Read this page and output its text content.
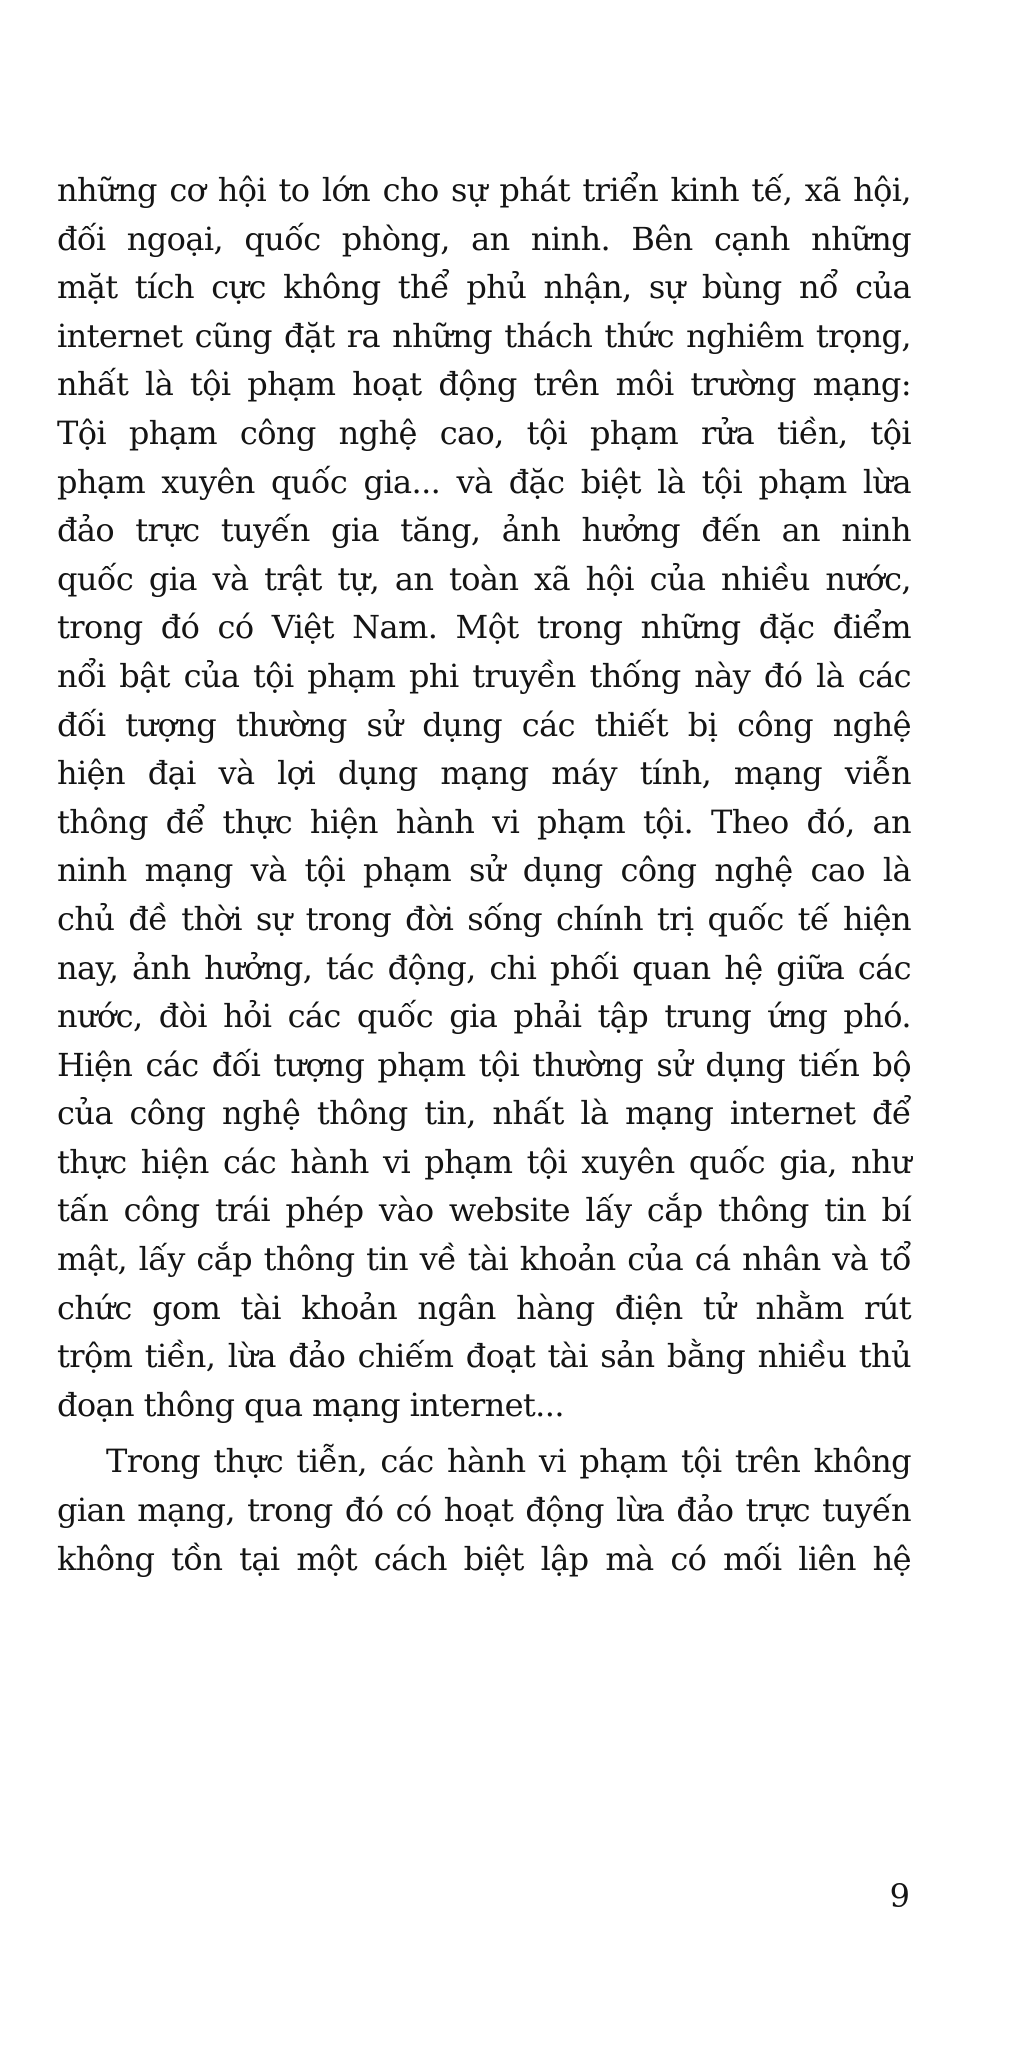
những cơ hội to lớn cho sự phát triển kinh tế, xã hội,
đối ngoại, quốc phòng, an ninh. Bên cạnh những
mặt tích cực không thể phủ nhận, sự bùng nổ của
internet cũng đặt ra những thách thức nghiêm trọng,
nhất là tội phạm hoạt động trên môi trường mạng:
Tội phạm công nghệ cao, tội phạm rửa tiền, tội
phạm xuyên quốc gia... và đặc biệt là tội phạm lừa
đảo trực tuyến gia tăng, ảnh hưởng đến an ninh
quốc gia và trật tự, an toàn xã hội của nhiều nước,
trong đó có Việt Nam. Một trong những đặc điểm
nổi bật của tội phạm phi truyền thống này đó là các
đối tượng thường sử dụng các thiết bị công nghệ
hiện đại và lợi dụng mạng máy tính, mạng viễn
thông để thực hiện hành vi phạm tội. Theo đó, an
ninh mạng và tội phạm sử dụng công nghệ cao là
chủ đề thời sự trong đời sống chính trị quốc tế hiện
nay, ảnh hưởng, tác động, chi phối quan hệ giữa các
nước, đòi hỏi các quốc gia phải tập trung ứng phó.
Hiện các đối tượng phạm tội thường sử dụng tiến bộ
của công nghệ thông tin, nhất là mạng internet để
thực hiện các hành vi phạm tội xuyên quốc gia, như
tấn công trái phép vào website lấy cắp thông tin bí
mật, lấy cắp thông tin về tài khoản của cá nhân và tổ
chức gom tài khoản ngân hàng điện tử nhằm rút
trộm tiền, lừa đảo chiếm đoạt tài sản bằng nhiều thủ
đoạn thông qua mạng internet...
Trong thực tiễn, các hành vi phạm tội trên không
gian mạng, trong đó có hoạt động lừa đảo trực tuyến
không tồn tại một cách biệt lập mà có mối liên hệ
9
